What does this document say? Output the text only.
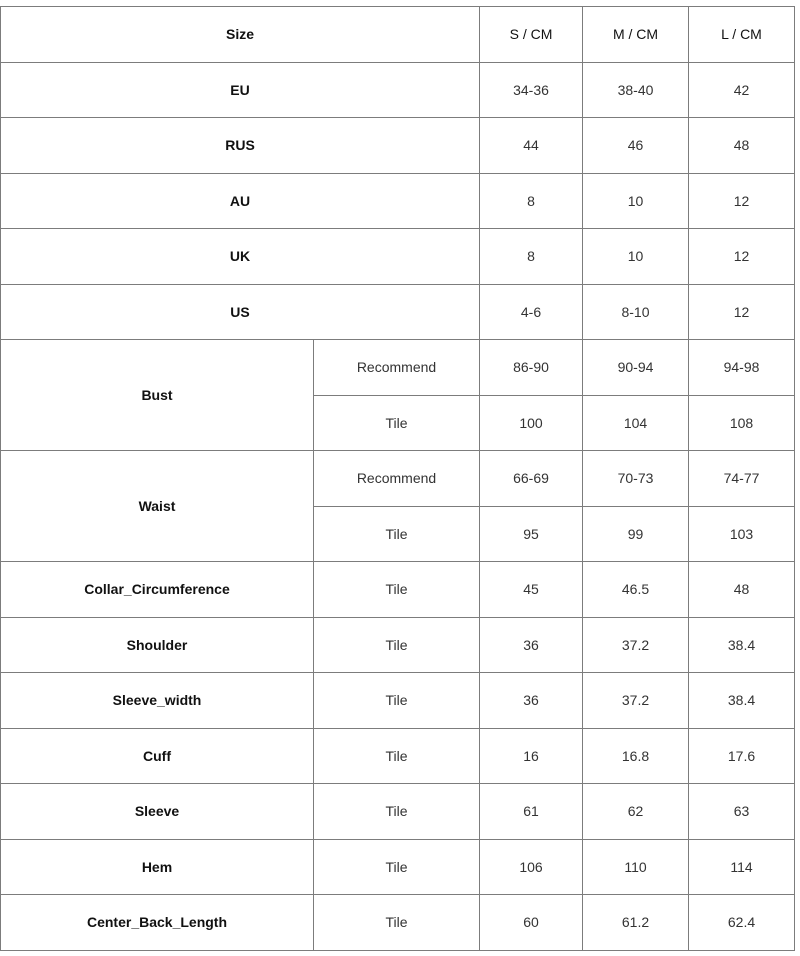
Size		S / CM	M / CM	L / CM
EU		34-36	38-40	42
RUS		44	46	48
AU		8	10	12
UK		8	10	12
US		4-6	8-10	12
Bust	Recommend	86-90	90-94	94-98
	Tile	100	104	108
Waist	Recommend	66-69	70-73	74-77
	Tile	95	99	103
Collar_Circumference	Tile	45	46.5	48
Shoulder	Tile	36	37.2	38.4
Sleeve_width	Tile	36	37.2	38.4
Cuff	Tile	16	16.8	17.6
Sleeve	Tile	61	62	63
Hem	Tile	106	110	114
Center_Back_Length	Tile	60	61.2	62.4
